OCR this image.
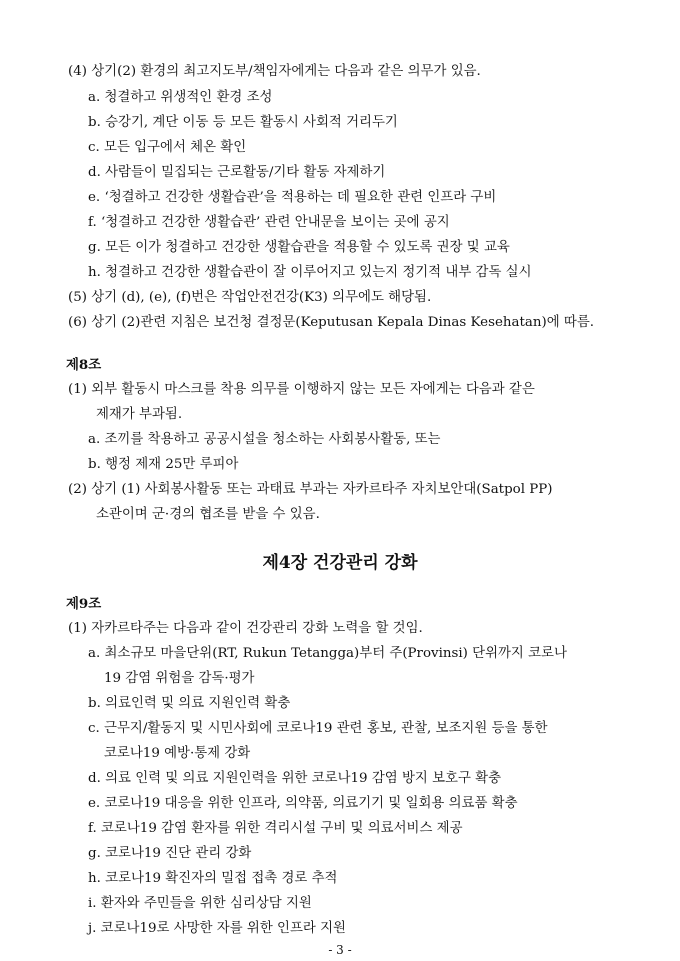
(4) 상기(2) 환경의 최고지도부/책임자에게는 다음과 같은 의무가 있음.
a. 청결하고 위생적인 환경 조성
b. 승강기, 계단 이동 등 모든 활동시 사회적 거리두기
c. 모든 입구에서 체온 확인
d. 사람들이 밀집되는 근로활동/기타 활동 자제하기
e. ‘청결하고 건강한 생활습관’을 적용하는 데 필요한 관련 인프라 구비
f. ‘청결하고 건강한 생활습관’ 관련 안내문을 보이는 곳에 공지
g. 모든 이가 청결하고 건강한 생활습관을 적용할 수 있도록 권장 및 교육
h. 청결하고 건강한 생활습관이 잘 이루어지고 있는지 정기적 내부 감독 실시
(5) 상기 (d), (e), (f)번은 작업안전건강(K3) 의무에도 해당됨.
(6) 상기 (2)관련 지침은 보건청 결정문(Keputusan Kepala Dinas Kesehatan)에 따름.
제8조
(1) 외부 활동시 마스크를 착용 의무를 이행하지 않는 모든 자에게는 다음과 같은
제재가 부과됨.
a. 조끼를 착용하고 공공시설을 청소하는 사회봉사활동, 또는
b. 행정 제재 25만 루피아
(2) 상기 (1) 사회봉사활동 또는 과태료 부과는 자카르타주 자치보안대(Satpol PP)
소관이며 군·경의 협조를 받을 수 있음.
제4장 건강관리 강화
제9조
(1) 자카르타주는 다음과 같이 건강관리 강화 노력을 할 것임.
a. 최소규모 마을단위(RT, Rukun Tetangga)부터 주(Provinsi) 단위까지 코로나
19 감염 위험을 감독·평가
b. 의료인력 및 의료 지원인력 확충
c. 근무지/활동지 및 시민사회에 코로나19 관련 홍보, 관찰, 보조지원 등을 통한
코로나19 예방·통제 강화
d. 의료 인력 및 의료 지원인력을 위한 코로나19 감염 방지 보호구 확충
e. 코로나19 대응을 위한 인프라, 의약품, 의료기기 및 일회용 의료품 확충
f. 코로나19 감염 환자를 위한 격리시설 구비 및 의료서비스 제공
g. 코로나19 진단 관리 강화
h. 코로나19 확진자의 밀접 접촉 경로 추적
i. 환자와 주민들을 위한 심리상담 지원
j. 코로나19로 사망한 자를 위한 인프라 지원
- 3 -
